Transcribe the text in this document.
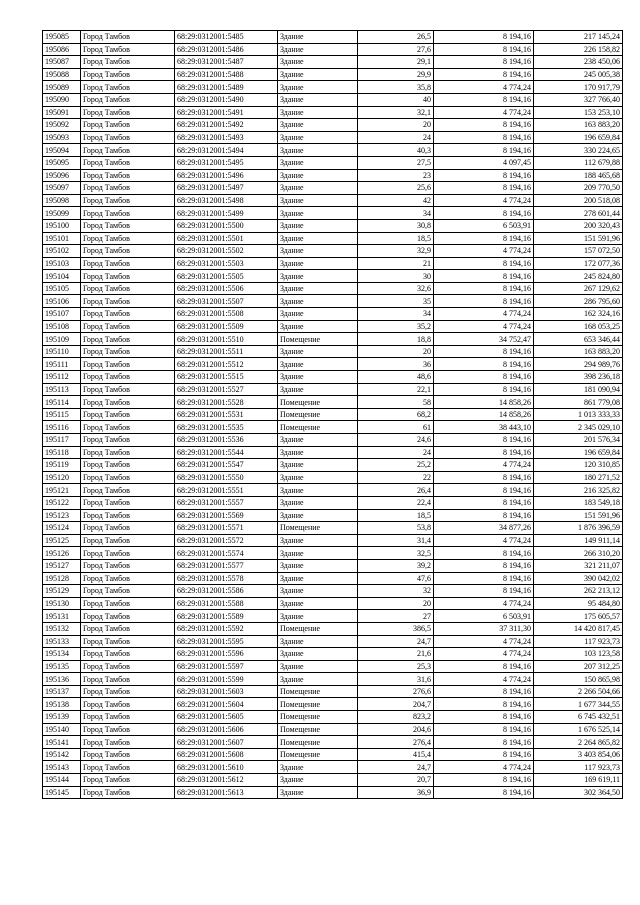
195085	Город Тамбов	68:29:0312001:5485	Здание	26,5	8 194,16	217 145,24
195086	Город Тамбов	68:29:0312001:5486	Здание	27,6	8 194,16	226 158,82
195087	Город Тамбов	68:29:0312001:5487	Здание	29,1	8 194,16	238 450,06
195088	Город Тамбов	68:29:0312001:5488	Здание	29,9	8 194,16	245 005,38
195089	Город Тамбов	68:29:0312001:5489	Здание	35,8	4 774,24	170 917,79
195090	Город Тамбов	68:29:0312001:5490	Здание	40	8 194,16	327 766,40
195091	Город Тамбов	68:29:0312001:5491	Здание	32,1	4 774,24	153 253,10
195092	Город Тамбов	68:29:0312001:5492	Здание	20	8 194,16	163 883,20
195093	Город Тамбов	68:29:0312001:5493	Здание	24	8 194,16	196 659,84
195094	Город Тамбов	68:29:0312001:5494	Здание	40,3	8 194,16	330 224,65
195095	Город Тамбов	68:29:0312001:5495	Здание	27,5	4 097,45	112 679,88
195096	Город Тамбов	68:29:0312001:5496	Здание	23	8 194,16	188 465,68
195097	Город Тамбов	68:29:0312001:5497	Здание	25,6	8 194,16	209 770,50
195098	Город Тамбов	68:29:0312001:5498	Здание	42	4 774,24	200 518,08
195099	Город Тамбов	68:29:0312001:5499	Здание	34	8 194,16	278 601,44
195100	Город Тамбов	68:29:0312001:5500	Здание	30,8	6 503,91	200 320,43
195101	Город Тамбов	68:29:0312001:5501	Здание	18,5	8 194,16	151 591,96
195102	Город Тамбов	68:29:0312001:5502	Здание	32,9	4 774,24	157 072,50
195103	Город Тамбов	68:29:0312001:5503	Здание	21	8 194,16	172 077,36
195104	Город Тамбов	68:29:0312001:5505	Здание	30	8 194,16	245 824,80
195105	Город Тамбов	68:29:0312001:5506	Здание	32,6	8 194,16	267 129,62
195106	Город Тамбов	68:29:0312001:5507	Здание	35	8 194,16	286 795,60
195107	Город Тамбов	68:29:0312001:5508	Здание	34	4 774,24	162 324,16
195108	Город Тамбов	68:29:0312001:5509	Здание	35,2	4 774,24	168 053,25
195109	Город Тамбов	68:29:0312001:5510	Помещение	18,8	34 752,47	653 346,44
195110	Город Тамбов	68:29:0312001:5511	Здание	20	8 194,16	163 883,20
195111	Город Тамбов	68:29:0312001:5512	Здание	36	8 194,16	294 989,76
195112	Город Тамбов	68:29:0312001:5515	Здание	48,6	8 194,16	398 236,18
195113	Город Тамбов	68:29:0312001:5527	Здание	22,1	8 194,16	181 090,94
195114	Город Тамбов	68:29:0312001:5528	Помещение	58	14 858,26	861 779,08
195115	Город Тамбов	68:29:0312001:5531	Помещение	68,2	14 858,26	1 013 333,33
195116	Город Тамбов	68:29:0312001:5535	Помещение	61	38 443,10	2 345 029,10
195117	Город Тамбов	68:29:0312001:5536	Здание	24,6	8 194,16	201 576,34
195118	Город Тамбов	68:29:0312001:5544	Здание	24	8 194,16	196 659,84
195119	Город Тамбов	68:29:0312001:5547	Здание	25,2	4 774,24	120 310,85
195120	Город Тамбов	68:29:0312001:5550	Здание	22	8 194,16	180 271,52
195121	Город Тамбов	68:29:0312001:5551	Здание	26,4	8 194,16	216 325,82
195122	Город Тамбов	68:29:0312001:5557	Здание	22,4	8 194,16	183 549,18
195123	Город Тамбов	68:29:0312001:5569	Здание	18,5	8 194,16	151 591,96
195124	Город Тамбов	68:29:0312001:5571	Помещение	53,8	34 877,26	1 876 396,59
195125	Город Тамбов	68:29:0312001:5572	Здание	31,4	4 774,24	149 911,14
195126	Город Тамбов	68:29:0312001:5574	Здание	32,5	8 194,16	266 310,20
195127	Город Тамбов	68:29:0312001:5577	Здание	39,2	8 194,16	321 211,07
195128	Город Тамбов	68:29:0312001:5578	Здание	47,6	8 194,16	390 042,02
195129	Город Тамбов	68:29:0312001:5586	Здание	32	8 194,16	262 213,12
195130	Город Тамбов	68:29:0312001:5588	Здание	20	4 774,24	95 484,80
195131	Город Тамбов	68:29:0312001:5589	Здание	27	6 503,91	175 605,57
195132	Город Тамбов	68:29:0312001:5592	Помещение	386,5	37 311,30	14 420 817,45
195133	Город Тамбов	68:29:0312001:5595	Здание	24,7	4 774,24	117 923,73
195134	Город Тамбов	68:29:0312001:5596	Здание	21,6	4 774,24	103 123,58
195135	Город Тамбов	68:29:0312001:5597	Здание	25,3	8 194,16	207 312,25
195136	Город Тамбов	68:29:0312001:5599	Здание	31,6	4 774,24	150 865,98
195137	Город Тамбов	68:29:0312001:5603	Помещение	276,6	8 194,16	2 266 504,66
195138	Город Тамбов	68:29:0312001:5604	Помещение	204,7	8 194,16	1 677 344,55
195139	Город Тамбов	68:29:0312001:5605	Помещение	823,2	8 194,16	6 745 432,51
195140	Город Тамбов	68:29:0312001:5606	Помещение	204,6	8 194,16	1 676 525,14
195141	Город Тамбов	68:29:0312001:5607	Помещение	276,4	8 194,16	2 264 865,82
195142	Город Тамбов	68:29:0312001:5608	Помещение	415,4	8 194,16	3 403 854,06
195143	Город Тамбов	68:29:0312001:5610	Здание	24,7	4 774,24	117 923,73
195144	Город Тамбов	68:29:0312001:5612	Здание	20,7	8 194,16	169 619,11
195145	Город Тамбов	68:29:0312001:5613	Здание	36,9	8 194,16	302 364,50
